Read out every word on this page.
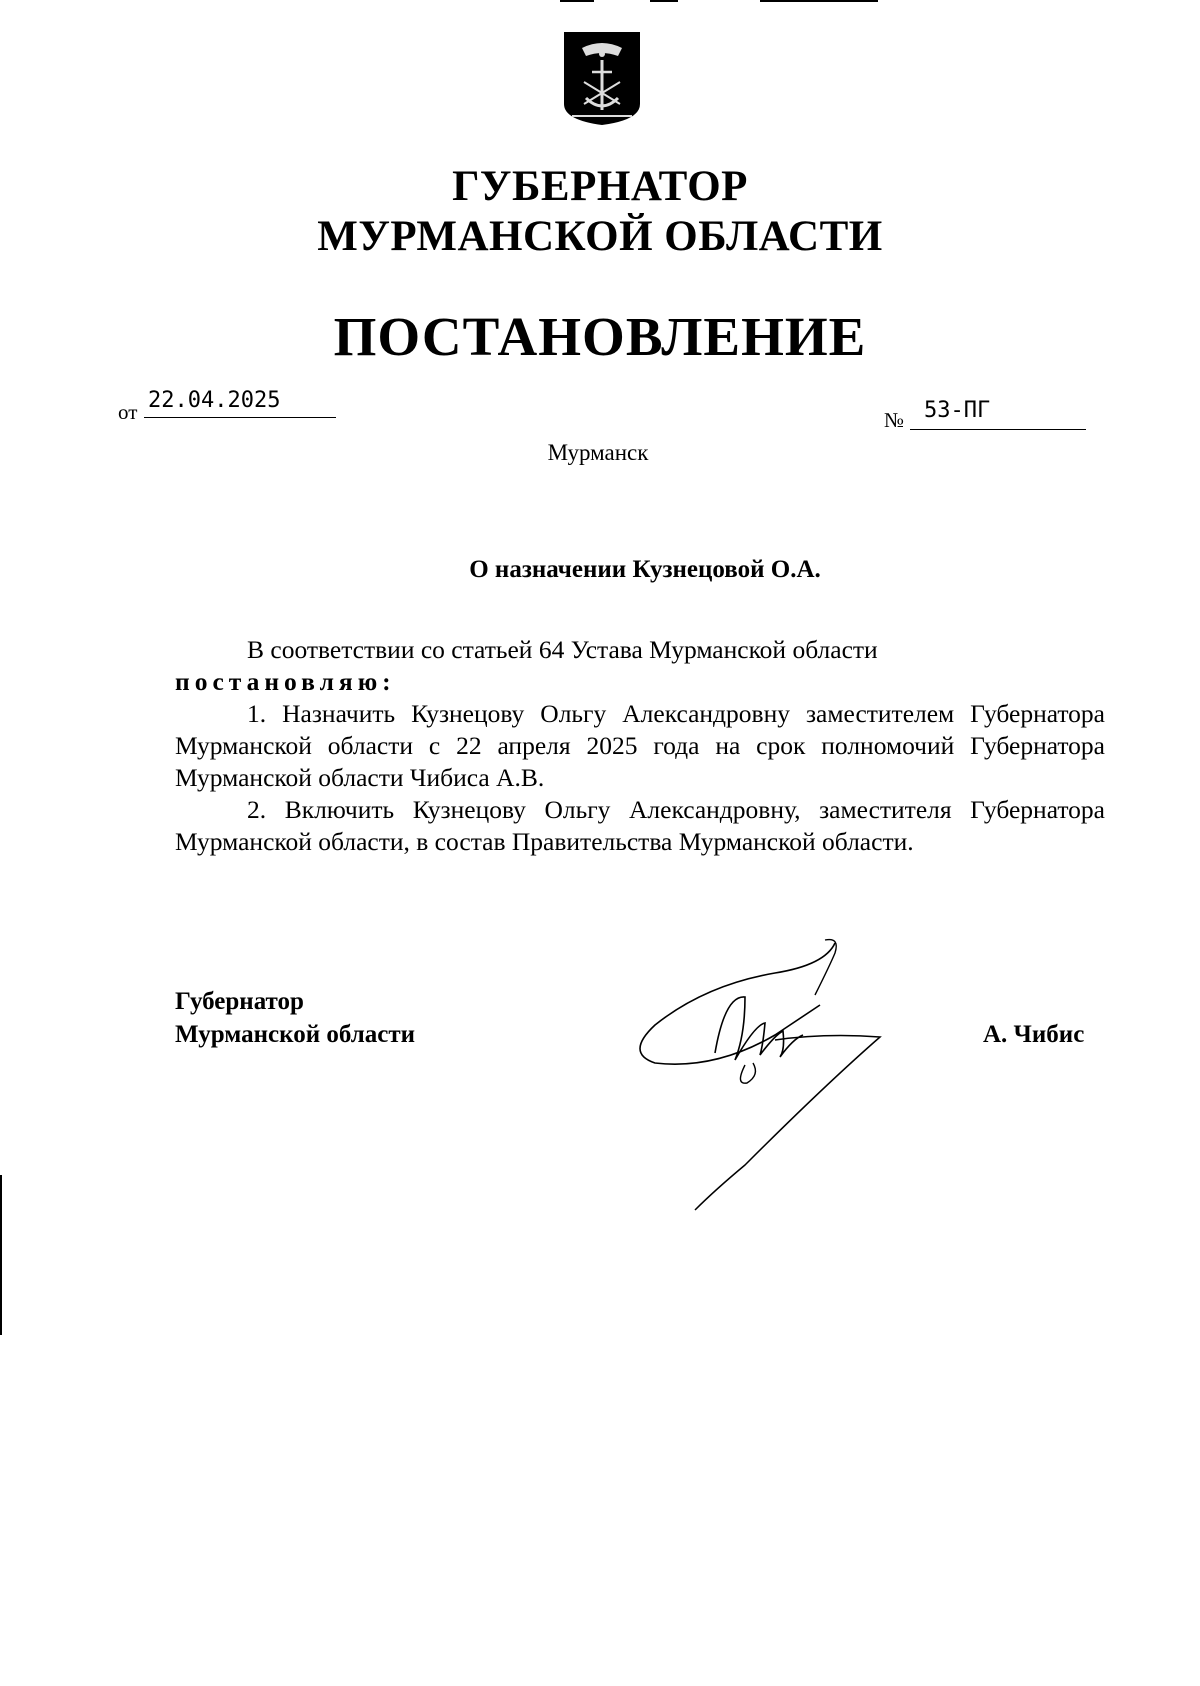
ГУБЕРНАТОР
МУРМАНСКОЙ ОБЛАСТИ
ПОСТАНОВЛЕНИЕ
от 22.04.2025
№ 53-ПГ
Мурманск
О назначении Кузнецовой О.А.

В соответствии со статьей 64 Устава Мурманской области
постановляю:

1. Назначить Кузнецову Ольгу Александровну заместителем Губернатора Мурманской области с 22 апреля 2025 года на срок полномочий Губернатора Мурманской области Чибиса А.В.

2. Включить Кузнецову Ольгу Александровну, заместителя Губернатора Мурманской области, в состав Правительства Мурманской области.

Губернатор
Мурманской области	А. Чибис
